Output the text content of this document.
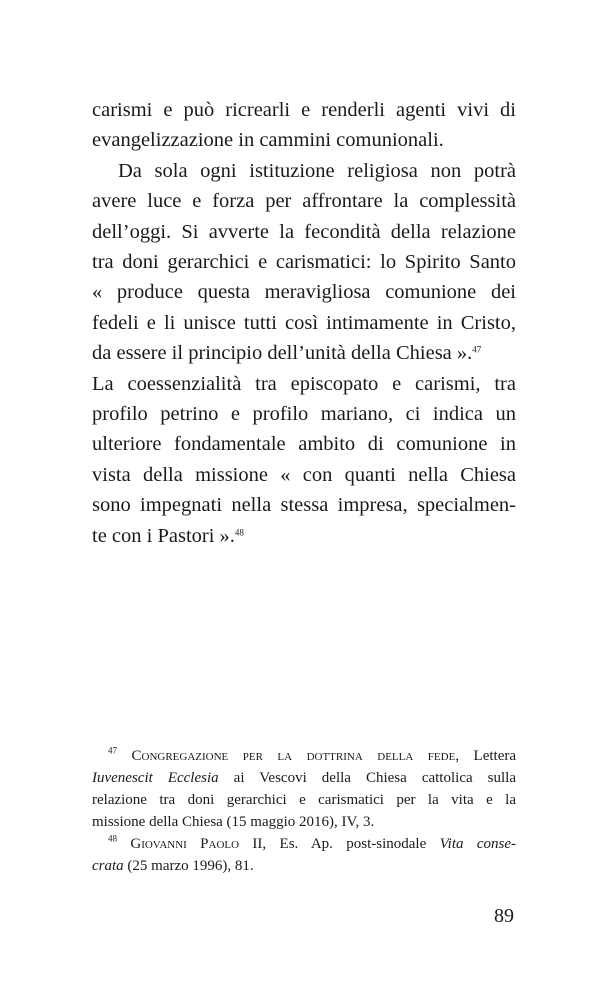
carismi e può ricrearli e renderli agenti vivi di
evangelizzazione in cammini comunionali.
Da sola ogni istituzione religiosa non potrà
avere luce e forza per affrontare la complessità
dell’oggi. Si avverte la fecondità della relazione
tra doni gerarchici e carismatici: lo Spirito Santo
« produce questa meravigliosa comunione dei
fedeli e li unisce tutti così intimamente in Cristo,
da essere il principio dell’unità della Chiesa ».$^{47}$
La coessenzialità tra episcopato e carismi, tra
profilo petrino e profilo mariano, ci indica un
ulteriore fondamentale ambito di comunione in
vista della missione « con quanti nella Chiesa
sono impegnati nella stessa impresa, specialmen-
te con i Pastori ».$^{48}$
$^{47}$ Congregazione per la dottrina della fede, Lettera
Iuvenescit Ecclesia ai Vescovi della Chiesa cattolica sulla
relazione tra doni gerarchici e carismatici per la vita e la
missione della Chiesa (15 maggio 2016), IV, 3.
$^{48}$ Giovanni Paolo II, Es. Ap. post-sinodale Vita conse-
crata (25 marzo 1996), 81.
89
